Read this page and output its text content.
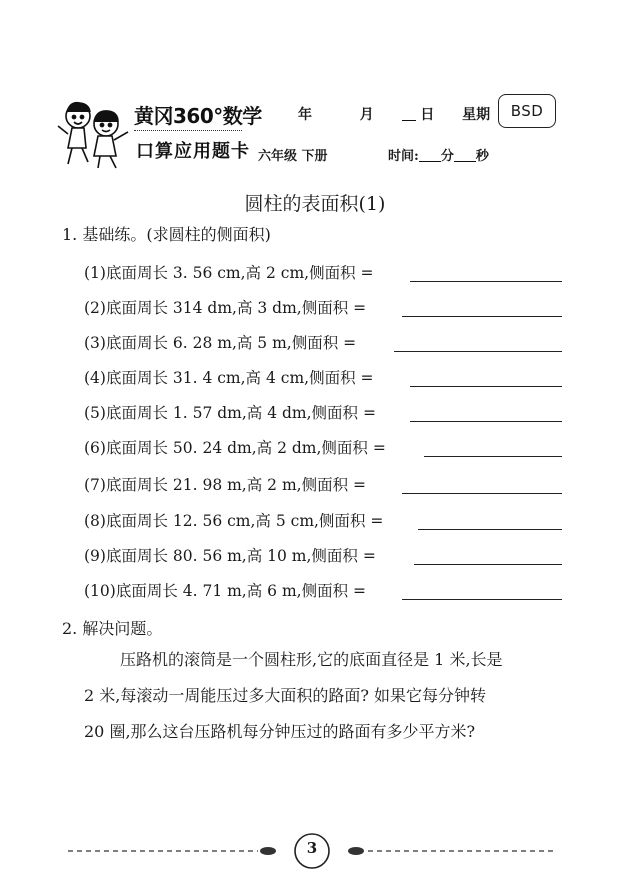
黄冈360°数学
口算应用题卡
年	月	日 星期	BSD
六年级 下册	时间: 分 秒
圆柱的表面积(1)
1. 基础练。(求圆柱的侧面积)
(1)底面周长 3. 56 cm,高 2 cm,侧面积 =
(2)底面周长 314 dm,高 3 dm,侧面积 =
(3)底面周长 6. 28 m,高 5 m,侧面积 =
(4)底面周长 31. 4 cm,高 4 cm,侧面积 =
(5)底面周长 1. 57 dm,高 4 dm,侧面积 =
(6)底面周长 50. 24 dm,高 2 dm,侧面积 =
(7)底面周长 21. 98 m,高 2 m,侧面积 =
(8)底面周长 12. 56 cm,高 5 cm,侧面积 =
(9)底面周长 80. 56 m,高 10 m,侧面积 =
(10)底面周长 4. 71 m,高 6 m,侧面积 =
2. 解决问题。
压路机的滚筒是一个圆柱形,它的底面直径是 1 米,长是
2 米,每滚动一周能压过多大面积的路面? 如果它每分钟转
20 圈,那么这台压路机每分钟压过的路面有多少平方米?
3
